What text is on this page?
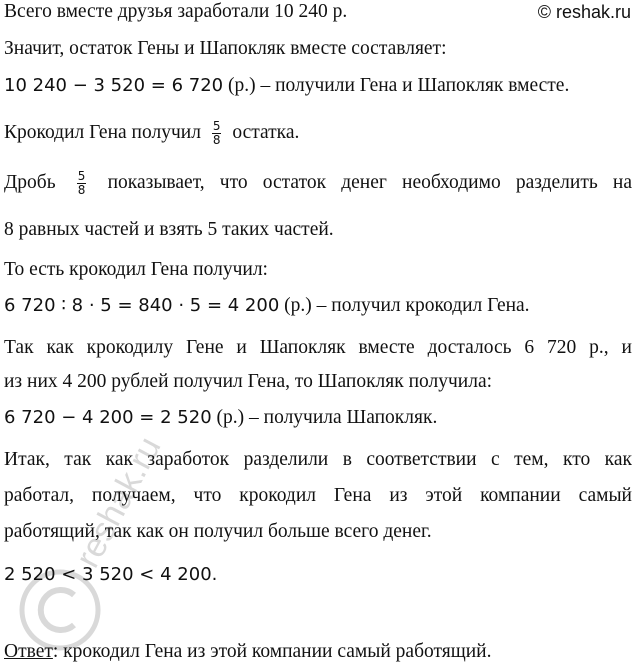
reshak.ru
Всего вместе друзья заработали 10 240 р.	© reshak.ru
Значит, остаток Гены и Шапокляк вместе составляет:
10 240 − 3 520 = 6 720 (р.) – получили Гена и Шапокляк вместе.
Крокодил Гена получил $\frac{5}{8}$ остатка.
Дробь $\frac{5}{8}$ показывает, что остаток денег необходимо разделить на
8 равных частей и взять 5 таких частей.
То есть крокодил Гена получил:
6 720 ∶ 8 ⋅ 5 = 840 ⋅ 5 = 4 200 (р.) – получил крокодил Гена.
Так как крокодилу Гене и Шапокляк вместе досталось 6 720 р., и
из них 4 200 рублей получил Гена, то Шапокляк получила:
6 720 − 4 200 = 2 520 (р.) – получила Шапокляк.
Итак, так как заработок разделили в соответствии с тем, кто как
работал, получаем, что крокодил Гена из этой компании самый
работящий, так как он получил больше всего денег.
2 520 < 3 520 < 4 200.
Ответ: крокодил Гена из этой компании самый работящий.
